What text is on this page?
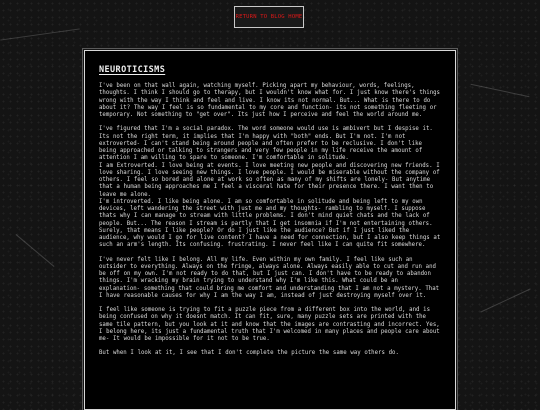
RETURN TO BLOG HOME
NEUROTICISMS

I've been on that wall again, watching myself. Picking apart my behaviour, words, feelings, thoughts. I think I should go to therapy, but I wouldn't know what for. I just know there's things wrong with the way I think and feel and live. I know its not normal. But... What is there to do about it? The way I feel is so fundamental to my core and function- its not something fleeting or temporary. Not something to "get over". Its just how I perceive and feel the world around me.

I've figured that I'm a social paradox. The word someone would use is ambivert but I despise it. Its not the right term, it implies that I'm happy with "both" ends. But I'm not. I'm not extroverted- I can't stand being around people and often prefer to be reclusive. I don't like being approached or talking to strangers and very few people in my life receive the amount of attention I am willing to spare to someone. I'm comfortable in solitude.

I am Extroverted. I love being at events. I love meeting new people and discovering new friends. I love sharing. I love seeing new things. I love people. I would be miserable without the company of others. I feel so bored and alone at work so often as many of my shifts are lonely- But anytime that a human being approaches me I feel a visceral hate for their presence there. I want then to leave me alone.

I'm introverted. I like being alone. I am so comfortable in solitude and being left to my own devices, left wandering the street with just me and my thoughts- rambling to myself. I suppose thats why I can manage to stream with little problems. I don't mind quiet chats and the lack of people. But... The reason I stream is partly that I get insomnia if I'm not entertaining others. Surely, that means I like people? Or do I just like the audience? But if I just liked the audience, why would I go for live content? I have a need for connection, but I also keep things at such an arm's length. Its confusing. frustrating. I never feel like I can quite fit somewhere.

I've never felt like I belong. All my life. Even within my own family. I feel like such an outsider to everything. Always on the fringe, always alone. Always easily able to cut and run and be off on my own. I'm not ready to do that, but I just can. I don't have to be ready to abandon things. I'm wracking my brain trying to understand why I'm like this. What could be an explanation- something that could bring me comfort and understanding that I am not a mystery. That I have reasonable causes for why I am the way I am, instead of just destroying myself over it.

I feel like someone is trying to fit a puzzle piece from a different box into the world, and is being confused on why it doesnt match. It can fit, sure, many puzzle sets are printed with the same tile pattern, but you look at it and know that the images are contrasting and incorrect. Yes, I belong here, its just a fundamental truth that I'm welcomed in many places and people care about me- It would be impossible for it not to be true.

But when I look at it, I see that I don't complete the picture the same way others do.
